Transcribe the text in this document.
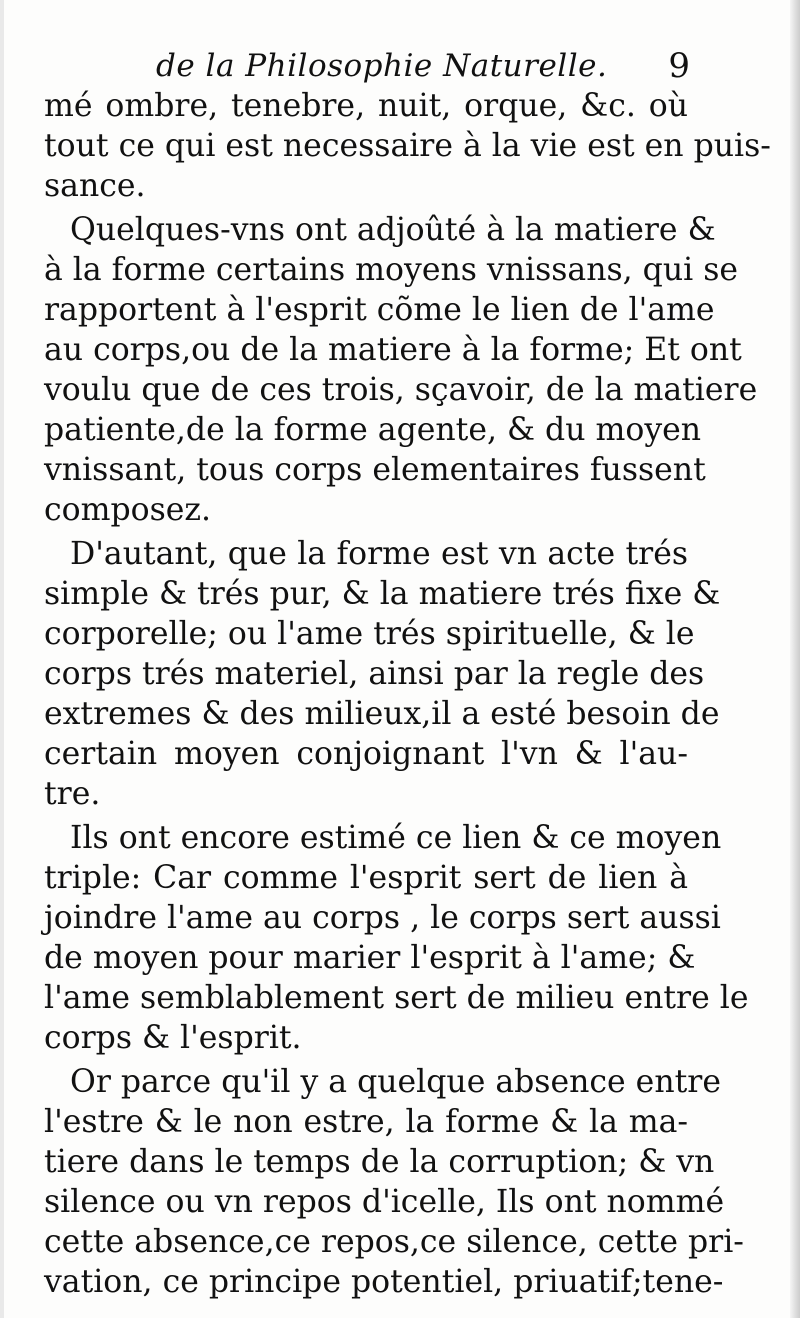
de la Philosophie Naturelle. 9
mé ombre, tenebre, nuit, orque, &c. où
tout ce qui est necessaire à la vie est en puis-
sance.
Quelques-vns ont adjoûté à la matiere &
à la forme certains moyens vnissans, qui se
rapportent à l'esprit cõme le lien de l'ame
au corps,ou de la matiere à la forme; Et ont
voulu que de ces trois, sçavoir, de la matiere
patiente,de la forme agente, & du moyen
vnissant, tous corps elementaires fussent
composez.
D'autant, que la forme est vn acte trés
simple & trés pur, & la matiere trés fixe &
corporelle; ou l'ame trés spirituelle, & le
corps trés materiel, ainsi par la regle des
extremes & des milieux,il a esté besoin de
certain moyen conjoignant l'vn & l'au-
tre.
Ils ont encore estimé ce lien & ce moyen
triple: Car comme l'esprit sert de lien à
joindre l'ame au corps , le corps sert aussi
de moyen pour marier l'esprit à l'ame; &
l'ame semblablement sert de milieu entre le
corps & l'esprit.
Or parce qu'il y a quelque absence entre
l'estre & le non estre, la forme & la ma-
tiere dans le temps de la corruption; & vn
silence ou vn repos d'icelle, Ils ont nommé
cette absence,ce repos,ce silence, cette pri-
vation, ce principe potentiel, priuatif;tene-
